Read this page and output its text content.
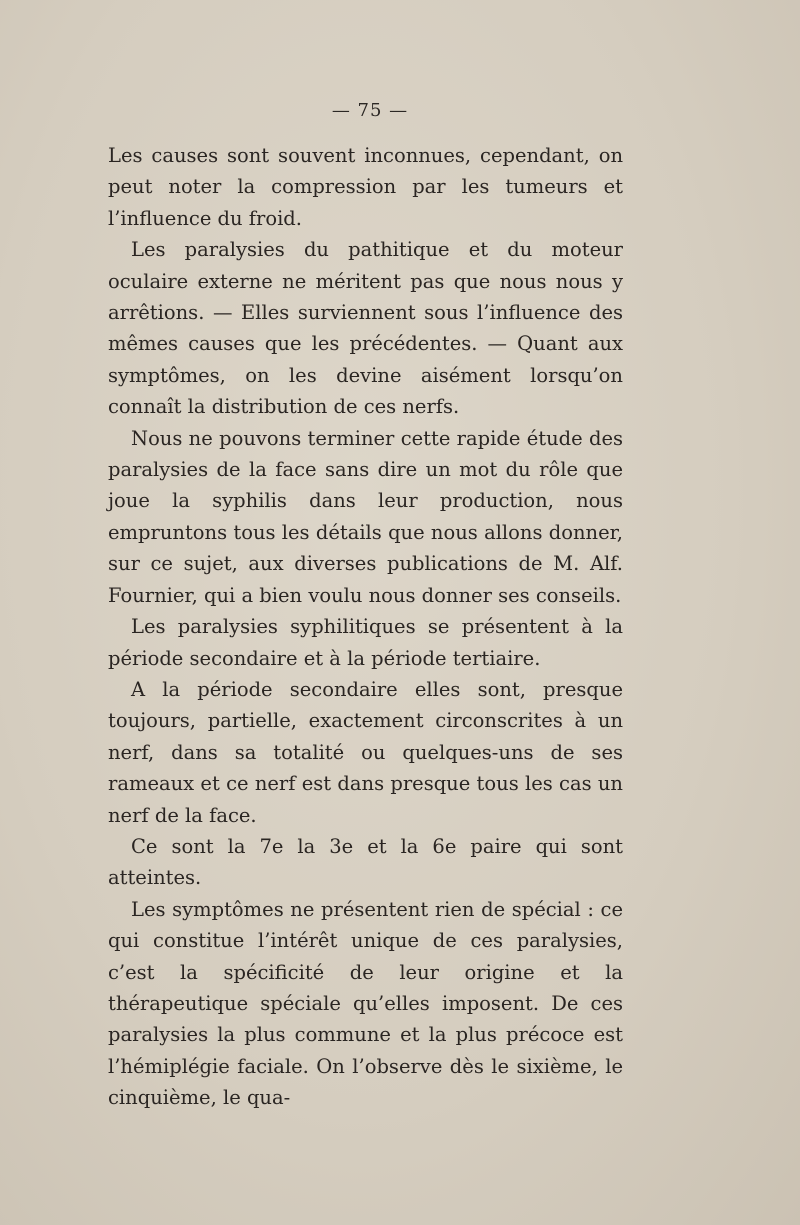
— 75 —

Les causes sont souvent inconnues, cependant, on peut noter la compression par les tumeurs et l’influence du froid.

Les paralysies du pathitique et du moteur oculaire externe ne méritent pas que nous nous y arrêtions. — Elles surviennent sous l’influence des mêmes causes que les précédentes. — Quant aux symptômes, on les devine aisément lorsqu’on connaît la distribution de ces nerfs.

Nous ne pouvons terminer cette rapide étude des paralysies de la face sans dire un mot du rôle que joue la syphilis dans leur production, nous empruntons tous les détails que nous allons donner, sur ce sujet, aux diverses publications de M. Alf. Fournier, qui a bien voulu nous donner ses conseils.

Les paralysies syphilitiques se présentent à la période secondaire et à la période tertiaire.

A la période secondaire elles sont, presque toujours, partielle, exactement circonscrites à un nerf, dans sa totalité ou quelques-uns de ses rameaux et ce nerf est dans presque tous les cas un nerf de la face.

Ce sont la 7e la 3e et la 6e paire qui sont atteintes.

Les symptômes ne présentent rien de spécial : ce qui constitue l’intérêt unique de ces paralysies, c’est la spécificité de leur origine et la thérapeutique spéciale qu’elles imposent. De ces paralysies la plus commune et la plus précoce est l’hémiplégie faciale. On l’observe dès le sixième, le cinquième, le qua-
